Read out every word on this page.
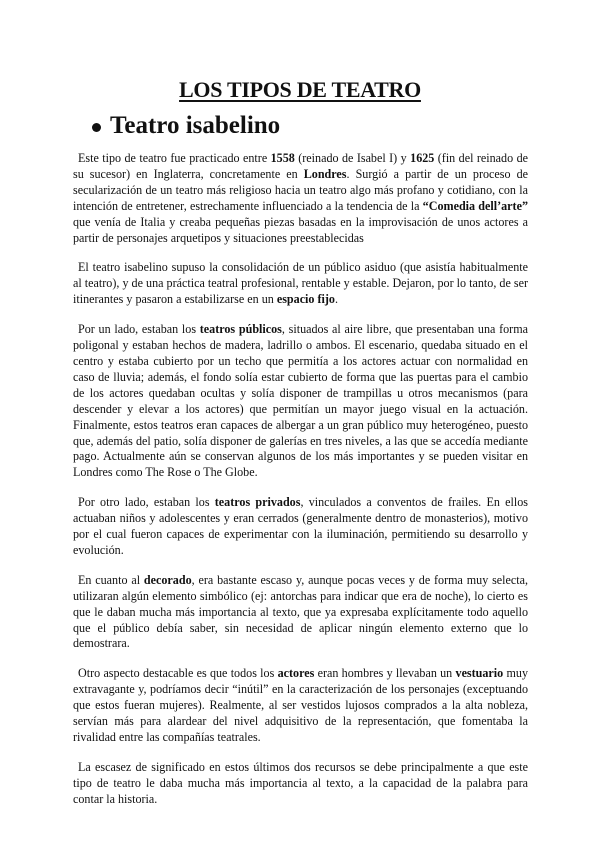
LOS TIPOS DE TEATRO
Teatro isabelino

Este tipo de teatro fue practicado entre 1558 (reinado de Isabel I) y 1625 (fin del reinado de su sucesor) en Inglaterra, concretamente en Londres. Surgió a partir de un proceso de secularización de un teatro más religioso hacia un teatro algo más profano y cotidiano, con la intención de entretener, estrechamente influenciado a la tendencia de la “Comedia dell’arte” que venía de Italia y creaba pequeñas piezas basadas en la improvisación de unos actores a partir de personajes arquetipos y situaciones preestablecidas

El teatro isabelino supuso la consolidación de un público asiduo (que asistía habitualmente al teatro), y de una práctica teatral profesional, rentable y estable. Dejaron, por lo tanto, de ser itinerantes y pasaron a estabilizarse en un espacio fijo.

Por un lado, estaban los teatros públicos, situados al aire libre, que presentaban una forma poligonal y estaban hechos de madera, ladrillo o ambos. El escenario, quedaba situado en el centro y estaba cubierto por un techo que permitía a los actores actuar con normalidad en caso de lluvia; además, el fondo solía estar cubierto de forma que las puertas para el cambio de los actores quedaban ocultas y solía disponer de trampillas u otros mecanismos (para descender y elevar a los actores) que permitían un mayor juego visual en la actuación. Finalmente, estos teatros eran capaces de albergar a un gran público muy heterogéneo, puesto que, además del patio, solía disponer de galerías en tres niveles, a las que se accedía mediante pago. Actualmente aún se conservan algunos de los más importantes y se pueden visitar en Londres como The Rose o The Globe.

Por otro lado, estaban los teatros privados, vinculados a conventos de frailes. En ellos actuaban niños y adolescentes y eran cerrados (generalmente dentro de monasterios), motivo por el cual fueron capaces de experimentar con la iluminación, permitiendo su desarrollo y evolución.

En cuanto al decorado, era bastante escaso y, aunque pocas veces y de forma muy selecta, utilizaran algún elemento simbólico (ej: antorchas para indicar que era de noche), lo cierto es que le daban mucha más importancia al texto, que ya expresaba explícitamente todo aquello que el público debía saber, sin necesidad de aplicar ningún elemento externo que lo demostrara.

Otro aspecto destacable es que todos los actores eran hombres y llevaban un vestuario muy extravagante y, podríamos decir “inútil” en la caracterización de los personajes (exceptuando que estos fueran mujeres). Realmente, al ser vestidos lujosos comprados a la alta nobleza, servían más para alardear del nivel adquisitivo de la representación, que fomentaba la rivalidad entre las compañías teatrales.

La escasez de significado en estos últimos dos recursos se debe principalmente a que este tipo de teatro le daba mucha más importancia al texto, a la capacidad de la palabra para contar la historia.
